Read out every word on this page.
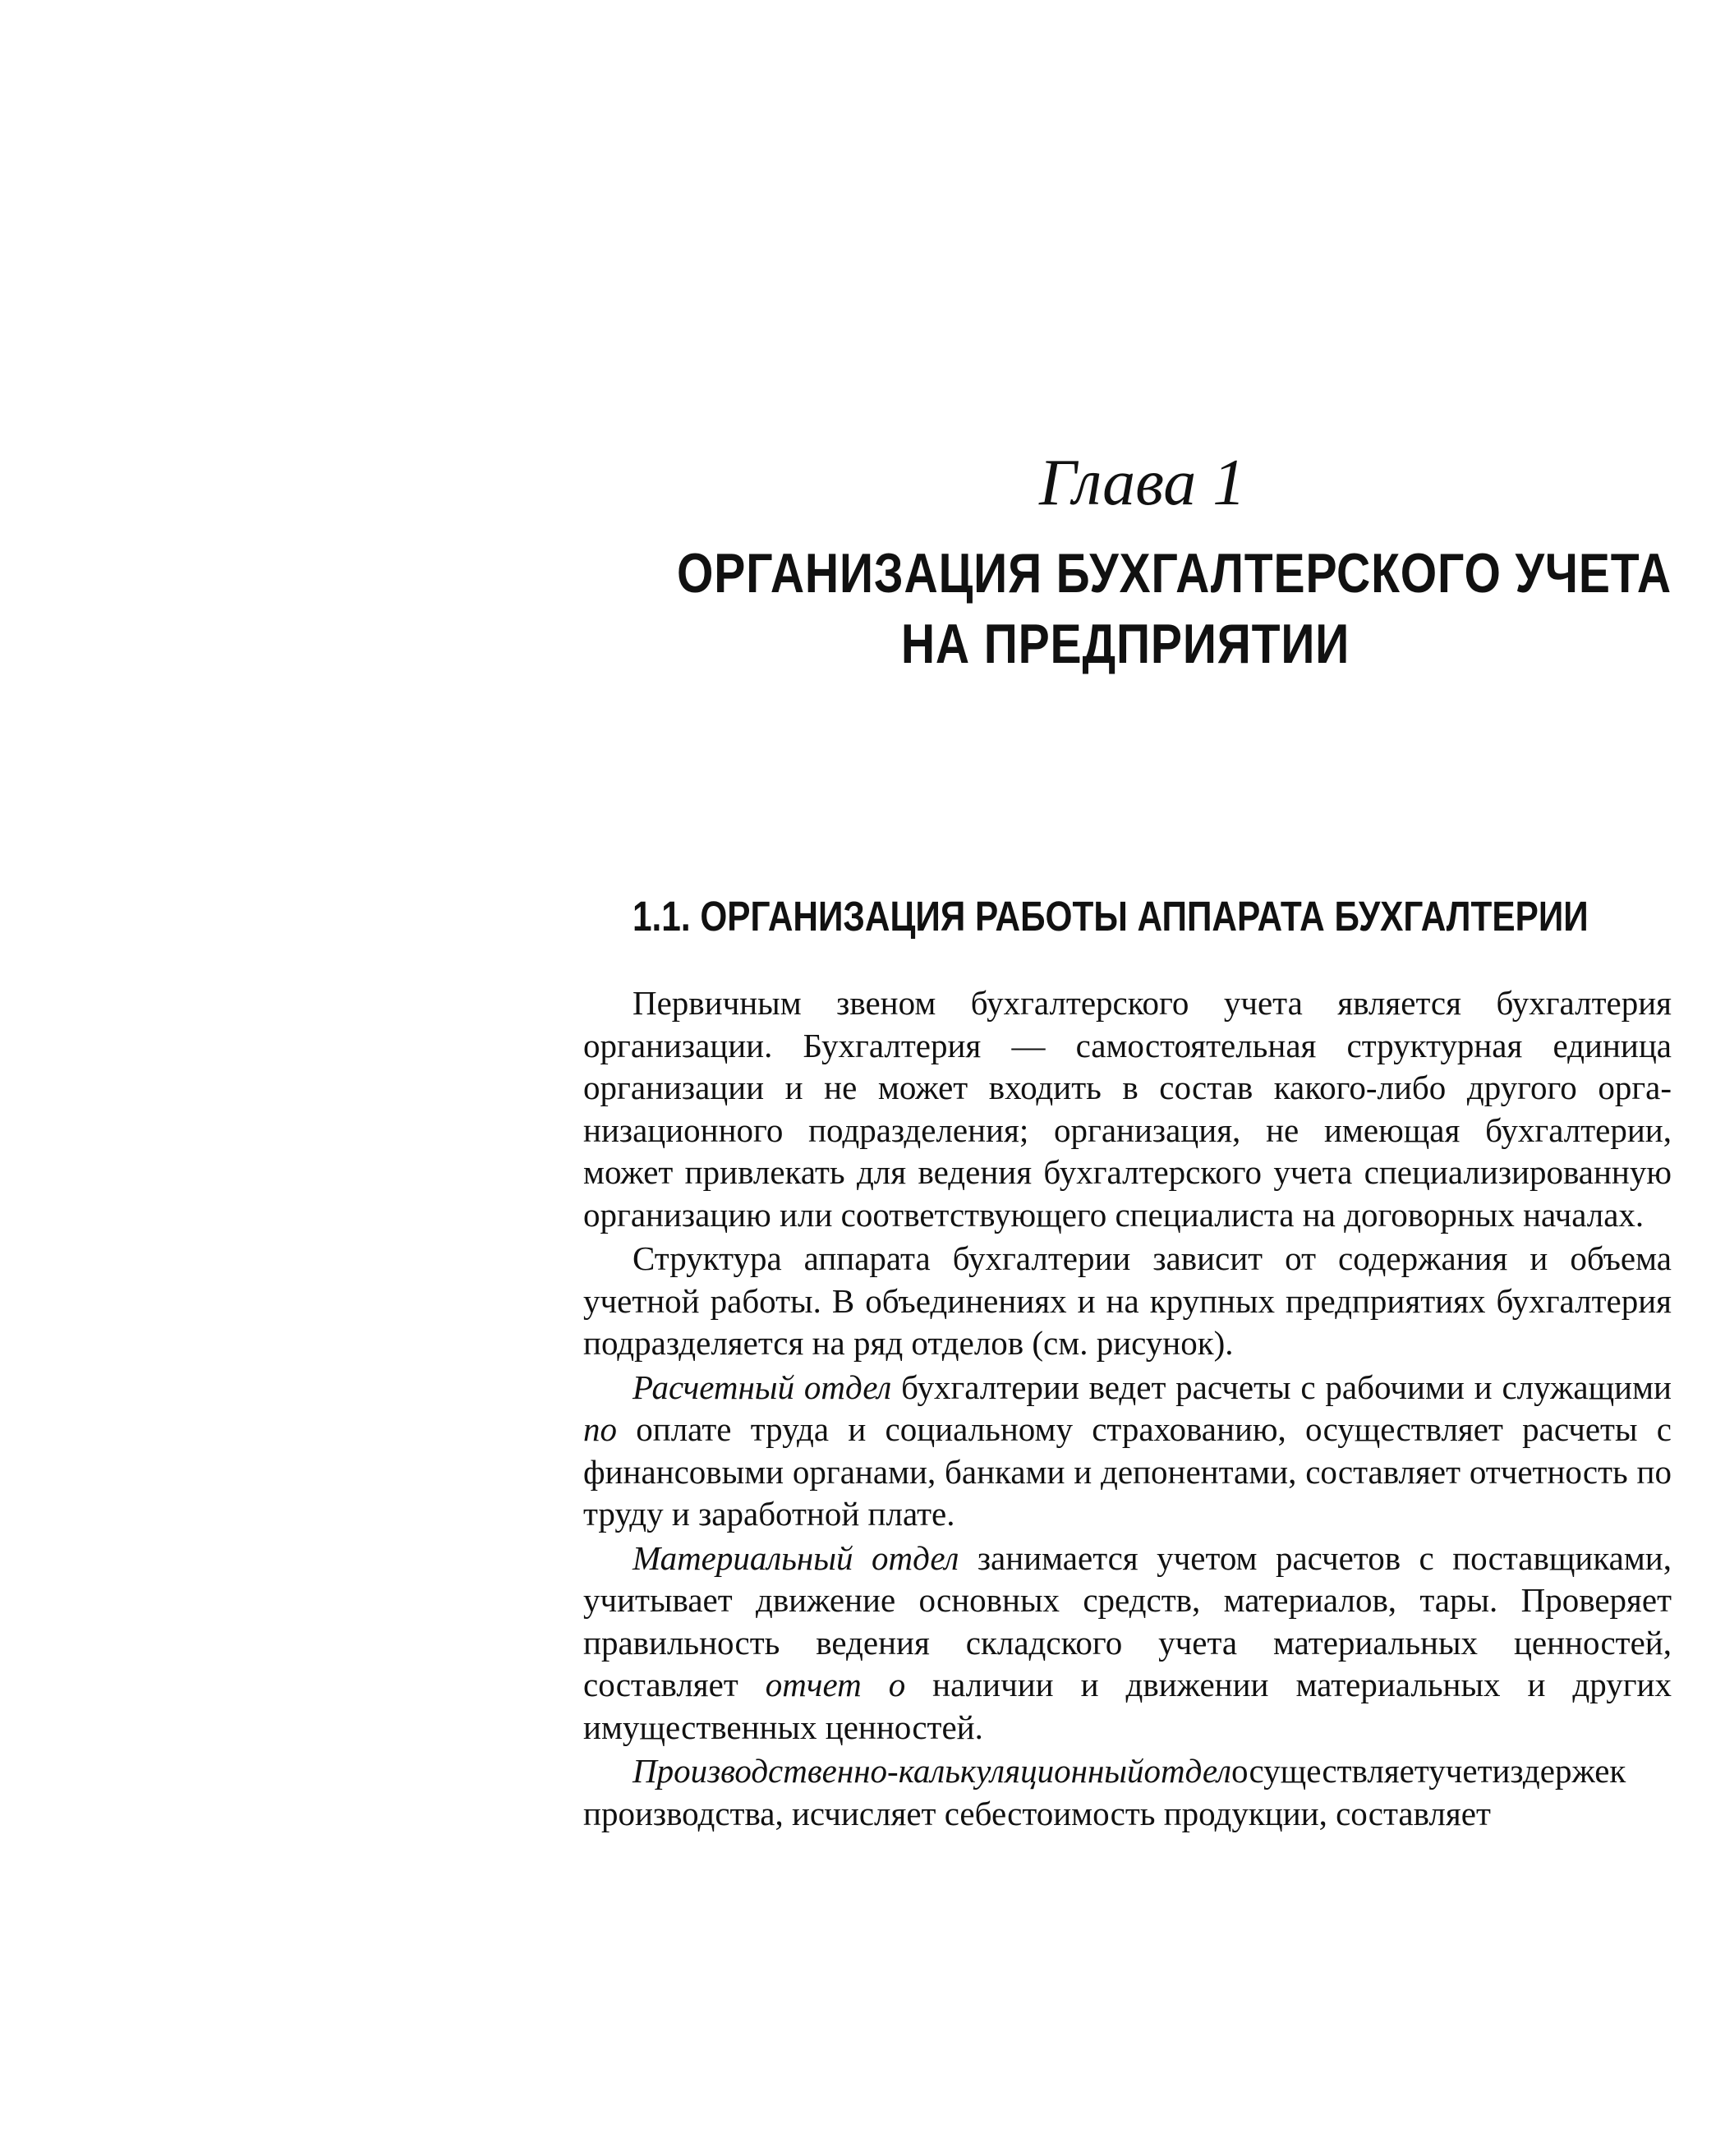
Глава 1
ОРГАНИЗАЦИЯ БУХГАЛТЕРСКОГО УЧЕТА
НА ПРЕДПРИЯТИИ
1.1. ОРГАНИЗАЦИЯ РАБОТЫ АППАРАТА БУХГАЛТЕРИИ

Первичным звеном бухгалтерского учета является бухгалтерия организации. Бухгалтерия — самостоятельная структурная единица организации и не может входить в состав какого-либо другого организационного подразделения; организация, не имеющая бухгалтерии, может привлекать для ведения бухгалтерского учета специализированную организацию или соответствующего специалиста на договорных началах.

Структура аппарата бухгалтерии зависит от содержания и объема учетной работы. В объединениях и на крупных предприятиях бухгалтерия подразделяется на ряд отделов (см. рисунок).

Расчетный отдел бухгалтерии ведет расчеты с рабочими и служащими по оплате труда и социальному страхованию, осуществляет расчеты с финансовыми органами, банками и депонентами, составляет отчетность по труду и заработной плате.

Материальный отдел занимается учетом расчетов с поставщиками, учитывает движение основных средств, материалов, тары. Проверяет правильность ведения складского учета материальных ценностей, составляет отчет о наличии и движении материальных и других имущественных ценностей.

Производственно-калькуляционныйотделосуществляетучетиздержек производства, исчисляет себестоимость продукции, составляет
